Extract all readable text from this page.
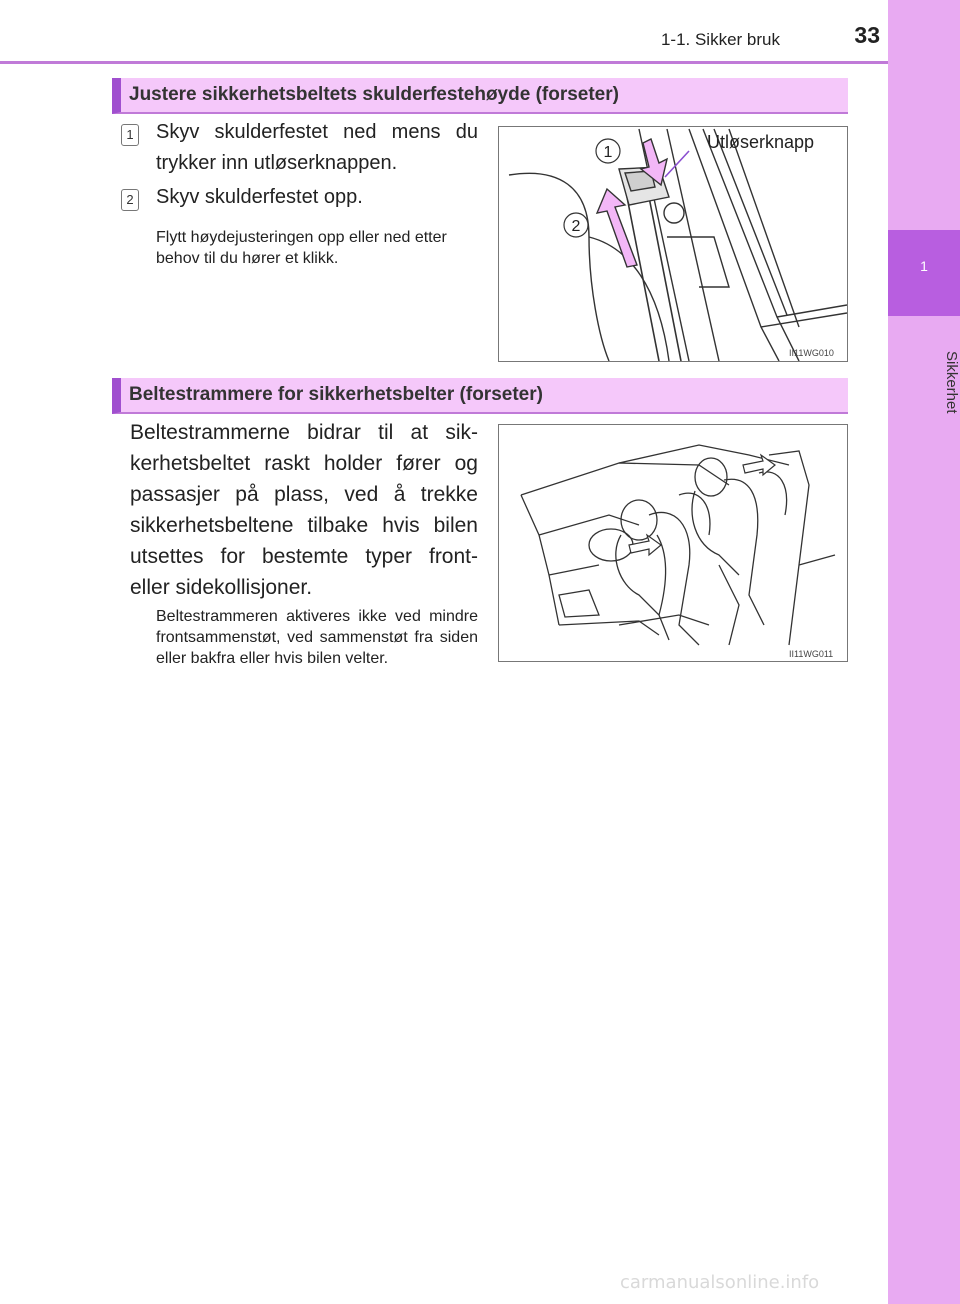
1
Sikkerhet
1-1. Sikker bruk	33
Justere sikkerhetsbeltets skulderfestehøyde (forseter)
1 Skyv skulderfestet ned mens du trykker inn utløserknappen.
2 Skyv skulderfestet opp.
Flytt høydejusteringen opp eller ned etter behov til du hører et klikk.
1
2
Utløserknapp
II11WG010
Beltestrammere for sikkerhetsbelter (forseter)
Beltestrammerne bidrar til at sik-kerhetsbeltet raskt holder fører og passasjer på plass, ved å trekke sikkerhetsbeltene tilbake hvis bilen utsettes for bestemte typer front- eller sidekollisjoner.
Beltestrammeren aktiveres ikke ved mindre frontsammenstøt, ved sammenstøt fra siden eller bakfra eller hvis bilen velter.	II11WG011
carmanualsonline.info
